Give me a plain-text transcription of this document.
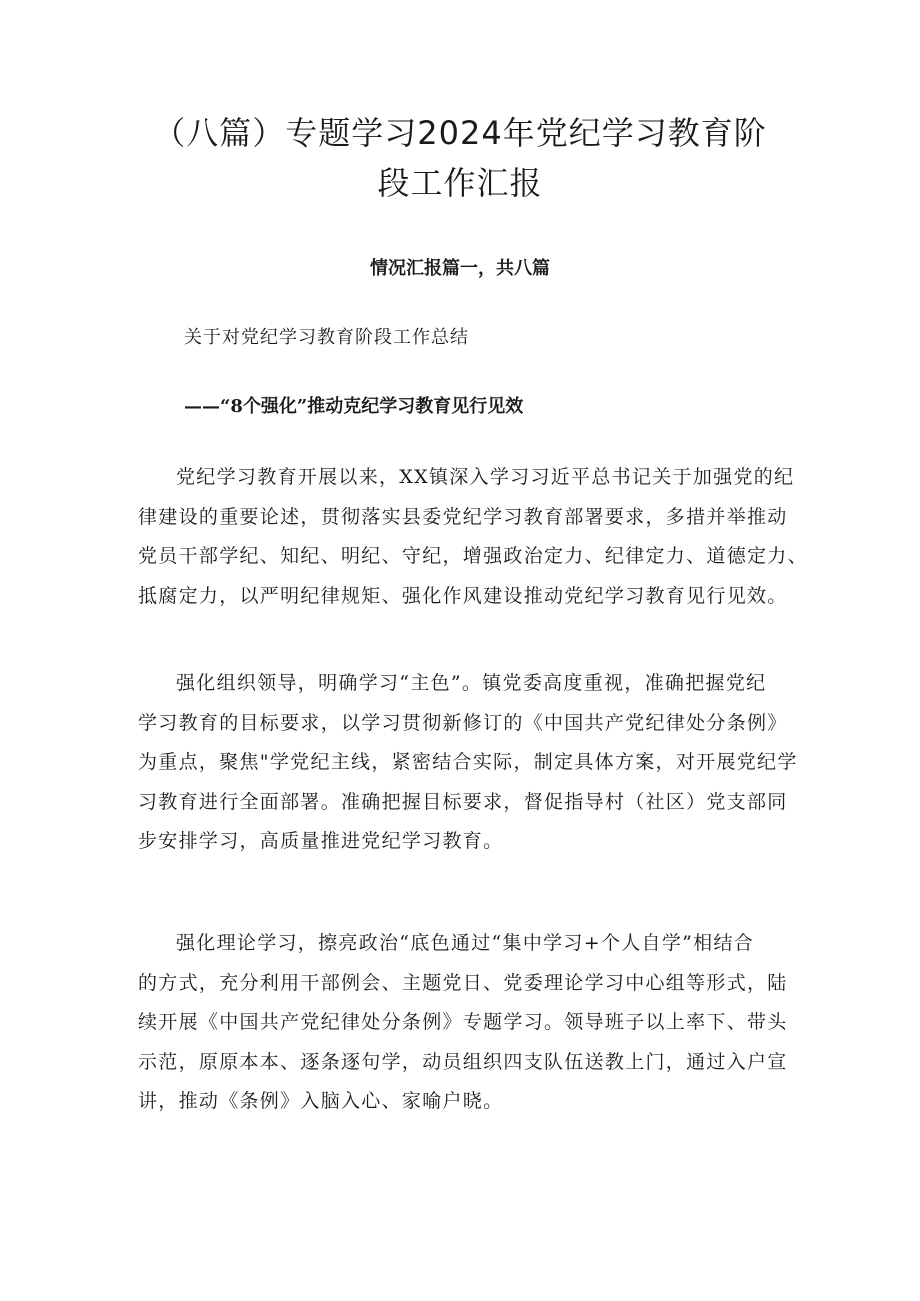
（八篇）专题学习2024年党纪学习教育阶
段工作汇报
情况汇报篇一，共八篇

关于对党纪学习教育阶段工作总结

——“8个强化”推动克纪学习教育见行见效

党纪学习教育开展以来，XX镇深入学习习近平总书记关于加强党的纪
律建设的重要论述，贯彻落实县委党纪学习教育部署要求，多措并举推动
党员干部学纪、知纪、明纪、守纪，增强政治定力、纪律定力、道德定力、
抵腐定力，以严明纪律规矩、强化作风建设推动党纪学习教育见行见效。
强化组织领导，明确学习“主色”。镇党委高度重视，准确把握党纪
学习教育的目标要求，以学习贯彻新修订的《中国共产党纪律处分条例》
为重点，聚焦"学党纪主线，紧密结合实际，制定具体方案，对开展党纪学
习教育进行全面部署。准确把握目标要求，督促指导村（社区）党支部同
步安排学习，高质量推进党纪学习教育。
强化理论学习，擦亮政治“底色通过“集中学习+个人自学”相结合
的方式，充分利用干部例会、主题党日、党委理论学习中心组等形式，陆
续开展《中国共产党纪律处分条例》专题学习。领导班子以上率下、带头
示范，原原本本、逐条逐句学，动员组织四支队伍送教上门，通过入户宣
讲，推动《条例》入脑入心、家喻户晓。
